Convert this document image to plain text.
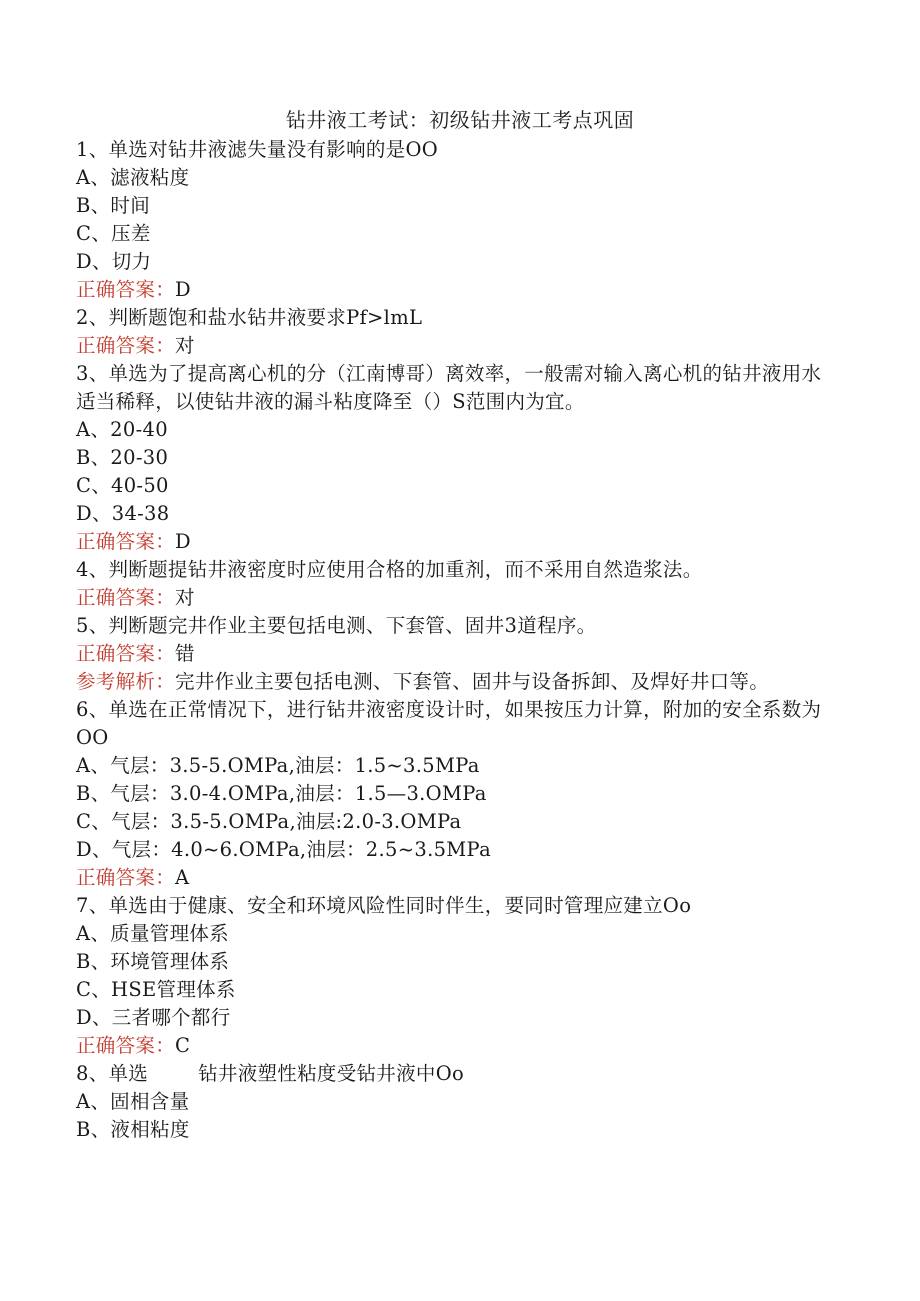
钻井液工考试：初级钻井液工考点巩固
1、单选对钻井液滤失量没有影响的是OO
A、滤液粘度
B、时间
C、压差
D、切力
正确答案：D
2、判断题饱和盐水钻井液要求Pf>lmL
正确答案：对
3、单选为了提高离心机的分（江南博哥）离效率，一般需对输入离心机的钻井液用水适当稀释，以使钻井液的漏斗粘度降至（）S范围内为宜。
A、20-40
B、20-30
C、40-50
D、34-38
正确答案：D
4、判断题提钻井液密度时应使用合格的加重剂，而不采用自然造浆法。
正确答案：对
5、判断题完井作业主要包括电测、下套管、固井3道程序。
正确答案：错
参考解析：完井作业主要包括电测、下套管、固井与设备拆卸、及焊好井口等。
6、单选在正常情况下，进行钻井液密度设计时，如果按压力计算，附加的安全系数为OO
A、气层：3.5-5.OMPa,油层：1.5~3.5MPa
B、气层：3.0-4.OMPa,油层：1.5—3.OMPa
C、气层：3.5-5.OMPa,油层:2.0-3.OMPa
D、气层：4.0~6.OMPa,油层：2.5~3.5MPa
正确答案：A
7、单选由于健康、安全和环境风险性同时伴生，要同时管理应建立Oo
A、质量管理体系
B、环境管理体系
C、HSE管理体系
D、三者哪个都行
正确答案：C
8、单选	钻井液塑性粘度受钻井液中Oo
A、固相含量
B、液相粘度
